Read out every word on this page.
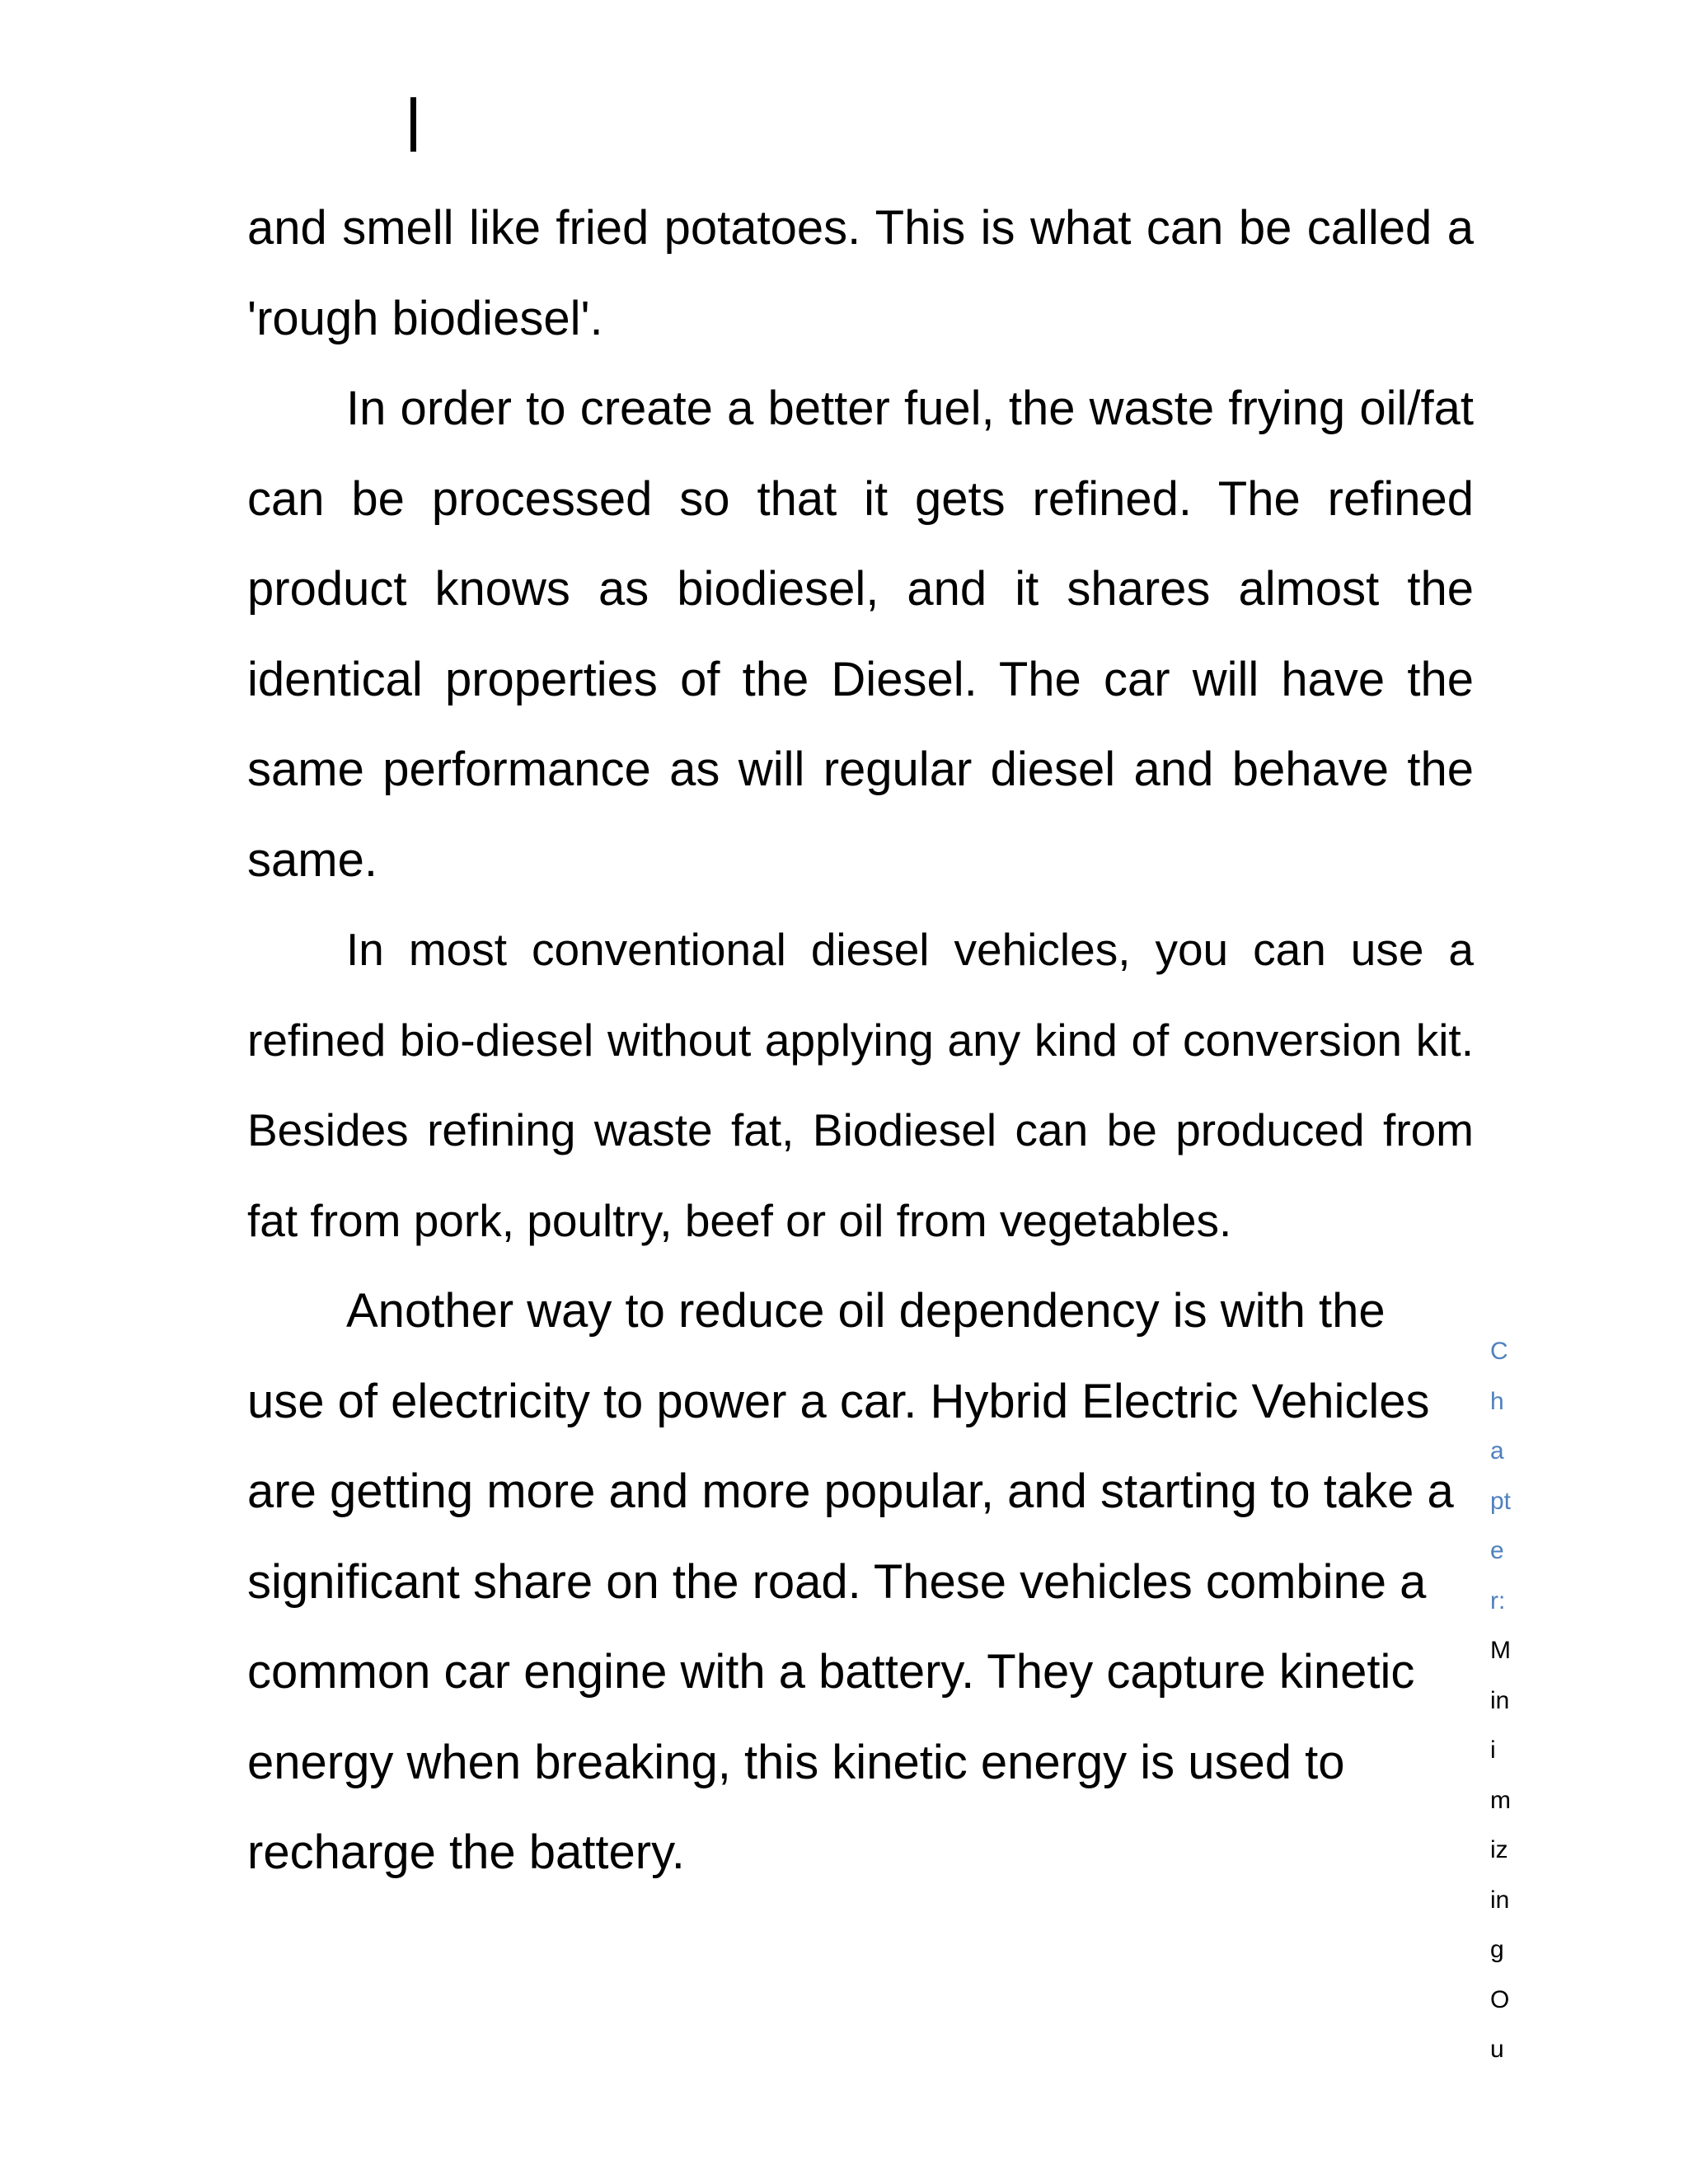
and smell like fried potatoes. This is what can be called a 'rough biodiesel'.

In order to create a better fuel, the waste frying oil/fat can be processed so that it gets refined. The refined product knows as biodiesel, and it shares almost the identical properties of the Diesel. The car will have the same performance as will regular diesel and behave the same.

In most conventional diesel vehicles, you can use a refined bio-diesel without applying any kind of conversion kit. Besides refining waste fat, Biodiesel can be produced from fat from pork, poultry, beef or oil from vegetables.

Another way to reduce oil dependency is with the use of electricity to power a car. Hybrid Electric Vehicles are getting more and more popular, and starting to take a significant share on the road. These vehicles combine a common car engine with a battery. They capture kinetic energy when breaking, this kinetic energy is used to recharge the battery.

C
h
a
pt
e
r:
M
in
i
m
iz
in
g
O
u
